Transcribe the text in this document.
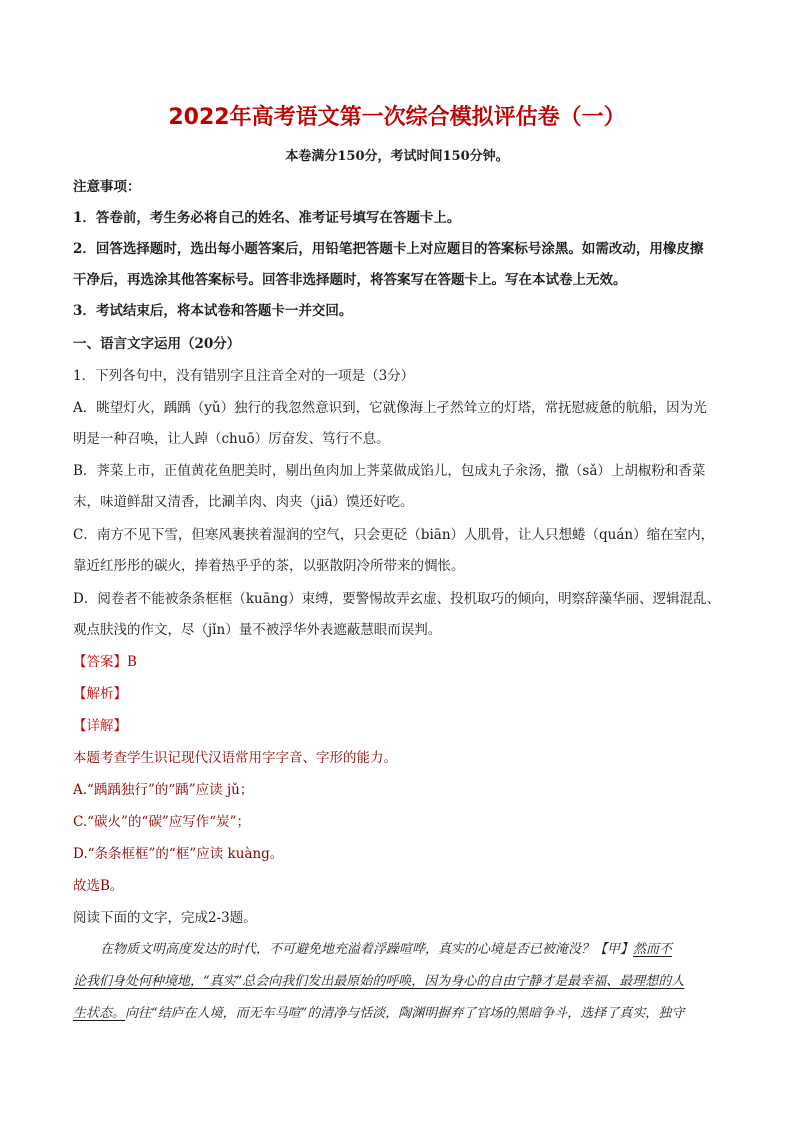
2022年高考语文第一次综合模拟评估卷（一）
本卷满分150分，考试时间150分钟。
注意事项：
1．答卷前，考生务必将自己的姓名、准考证号填写在答题卡上。
2．回答选择题时，选出每小题答案后，用铅笔把答题卡上对应题目的答案标号涂黑。如需改动，用橡皮擦
干净后，再选涂其他答案标号。回答非选择题时，将答案写在答题卡上。写在本试卷上无效。
3．考试结束后，将本试卷和答题卡一并交回。
一、语言文字运用（20分）
1．下列各句中，没有错别字且注音全对的一项是（3分）
A．眺望灯火，踽踽（yǔ）独行的我忽然意识到，它就像海上孑然耸立的灯塔，常抚慰疲惫的航船，因为光
明是一种召唤，让人踔（chuō）厉奋发、笃行不息。
B．荠菜上市，正值黄花鱼肥美时，剔出鱼肉加上荠菜做成馅儿，包成丸子汆汤，撒（sǎ）上胡椒粉和香菜
末，味道鲜甜又清香，比涮羊肉、肉夹（jiā）馍还好吃。
C．南方不见下雪，但寒风裹挟着湿润的空气，只会更砭（biān）人肌骨，让人只想蜷（quán）缩在室内，
靠近红彤彤的碳火，捧着热乎乎的茶，以驱散阴冷所带来的惆怅。
D．阅卷者不能被条条框框（kuāng）束缚，要警惕故弄玄虚、投机取巧的倾向，明察辞藻华丽、逻辑混乱、
观点肤浅的作文，尽（jǐn）量不被浮华外表遮蔽慧眼而误判。
【答案】B
【解析】
【详解】
本题考查学生识记现代汉语常用字字音、字形的能力。
A.“踽踽独行”的“踽”应读 jǔ；
C.“碳火”的“碳”应写作“炭”；
D.“条条框框”的“框”应读 kuàng。
故选B。
阅读下面的文字，完成2-3题。
在物质文明高度发达的时代，不可避免地充溢着浮躁喧哗，真实的心境是否已被淹没？【甲】然而不
论我们身处何种境地，“真实”总会向我们发出最原始的呼唤，因为身心的自由宁静才是最幸福、最理想的人
生状态。向往“结庐在人境，而无车马喧”的清净与恬淡，陶渊明摒弃了官场的黑暗争斗，选择了真实，独守
